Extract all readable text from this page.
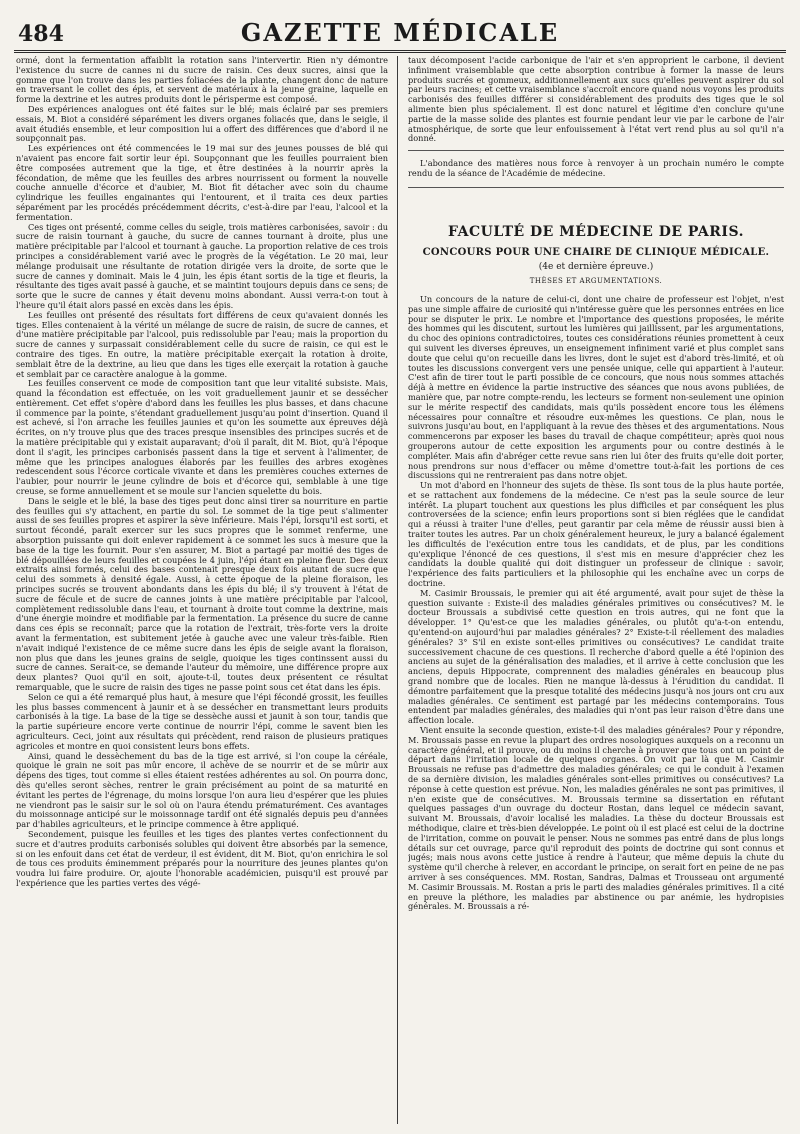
484	GAZETTE MÉDICALE

ormé, dont la fermentation affaiblit la rotation sans l'intervertir. Rien n'y démontre l'existence du sucre de cannes ni du sucre de raisin. Ces deux sucres, ainsi que la gomme que l'on trouve dans les parties foliacées de la plante, changent donc de nature en traversant le collet des épis, et servent de matériaux à la jeune graine, laquelle en forme la dextrine et les autres produits dont le périsperme est composé.

Des expériences analogues ont été faites sur le blé; mais éclairé par ses premiers essais, M. Biot a considéré séparément les divers organes foliacés que, dans le seigle, il avait étudiés ensemble, et leur composition lui a offert des différences que d'abord il ne soupçonnait pas.

Les expériences ont été commencées le 19 mai sur des jeunes pousses de blé qui n'avaient pas encore fait sortir leur épi. Soupçonnant que les feuilles pourraient bien être composées autrement que la tige, et être destinées à la nourrir après la fécondation, de même que les feuilles des arbres nourrissent ou forment la nouvelle couche annuelle d'écorce et d'aubier, M. Biot fit détacher avec soin du chaume cylindrique les feuilles engainantes qui l'entourent, et il traita ces deux parties séparément par les procédés précédemment décrits, c'est-à-dire par l'eau, l'alcool et la fermentation.

Ces tiges ont présenté, comme celles du seigle, trois matières carbonisées, savoir : du sucre de raisin tournant à gauche, du sucre de cannes tournant à droite, plus une matière précipitable par l'alcool et tournant à gauche. La proportion relative de ces trois principes a considérablement varié avec le progrès de la végétation. Le 20 mai, leur mélange produisait une résultante de rotation dirigée vers la droite, de sorte que le sucre de cannes y dominait. Mais le 4 juin, les épis étant sortis de la tige et fleuris, la résultante des tiges avait passé à gauche, et se maintint toujours depuis dans ce sens; de sorte que le sucre de cannes y était devenu moins abondant. Aussi verra-t-on tout à l'heure qu'il était alors passé en excès dans les épis.

Les feuilles ont présenté des résultats fort différens de ceux qu'avaient donnés les tiges. Elles contenaient à la vérité un mélange de sucre de raisin, de sucre de cannes, et d'une matière précipitable par l'alcool, puis redissoluble par l'eau; mais la proportion du sucre de cannes y surpassait considérablement celle du sucre de raisin, ce qui est le contraire des tiges. En outre, la matière précipitable exerçait la rotation à droite, semblait être de la dextrine, au lieu que dans les tiges elle exerçait la rotation à gauche et semblait par ce caractère analogue à la gomme.

Les feuilles conservent ce mode de composition tant que leur vitalité subsiste. Mais, quand la fécondation est effectuée, on les voit graduellement jaunir et se dessécher entièrement. Cet effet s'opère d'abord dans les feuilles les plus basses, et dans chacune il commence par la pointe, s'étendant graduellement jusqu'au point d'insertion. Quand il est achevé, si l'on arrache les feuilles jaunies et qu'on les soumette aux épreuves déjà écrites, on n'y trouve plus que des traces presque insensibles des principes sucrés et de la matière précipitable qui y existait auparavant; d'où il paraît, dit M. Biot, qu'à l'époque dont il s'agit, les principes carbonisés passent dans la tige et servent à l'alimenter, de même que les principes analogues élaborés par les feuilles des arbres exogènes redescendent sous l'écorce corticale vivante et dans les premières couches externes de l'aubier, pour nourrir le jeune cylindre de bois et d'écorce qui, semblable à une tige creuse, se forme annuellement et se moule sur l'ancien squelette du bois.

Dans le seigle et le blé, la base des tiges peut donc ainsi tirer sa nourriture en partie des feuilles qui s'y attachent, en partie du sol. Le sommet de la tige peut s'alimenter aussi de ses feuilles propres et aspirer la sève inférieure. Mais l'épi, lorsqu'il est sorti, et surtout fécondé, paraît exercer sur les sucs propres que le sommet renferme, une absorption puissante qui doit enlever rapidement à ce sommet les sucs à mesure que la base de la tige les fournit. Pour s'en assurer, M. Biot a partagé par moitié des tiges de blé dépouillées de leurs feuilles et coupées le 4 juin, l'épi étant en pleine fleur. Des deux extraits ainsi formés, celui des bases contenait presque deux fois autant de sucre que celui des sommets à densité égale. Aussi, à cette époque de la pleine floraison, les principes sucrés se trouvent abondants dans les épis du blé; il s'y trouvent à l'état de sucre de fécule et de sucre de cannes joints à une matière précipitable par l'alcool, complètement redissoluble dans l'eau, et tournant à droite tout comme la dextrine, mais d'une énergie moindre et modifiable par la fermentation. La présence du sucre de canne dans ces épis se reconnaît; parce que la rotation de l'extrait, très-forte vers la droite avant la fermentation, est subitement jetée à gauche avec une valeur très-faible. Rien n'avait indiqué l'existence de ce même sucre dans les épis de seigle avant la floraison, non plus que dans les jeunes grains de seigle, quoique les tiges continssent aussi du sucre de cannes. Serait-ce, se demande l'auteur du mémoire, une différence propre aux deux plantes? Quoi qu'il en soit, ajoute-t-il, toutes deux présentent ce résultat remarquable, que le sucre de raisin des tiges ne passe point sous cet état dans les épis.

Selon ce qui a été remarqué plus haut, à mesure que l'épi fécondé grossit, les feuilles les plus basses commencent à jaunir et à se dessécher en transmettant leurs produits carbonisés à la tige. La base de la tige se dessèche aussi et jaunit à son tour, tandis que la partie supérieure encore verte continue de nourrir l'épi, comme le savent bien les agriculteurs. Ceci, joint aux résultats qui précèdent, rend raison de plusieurs pratiques agricoles et montre en quoi consistent leurs bons effets.

Ainsi, quand le dessèchement du bas de la tige est arrivé, si l'on coupe la céréale, quoique le grain ne soit pas mûr encore, il achève de se nourrir et de se mûrir aux dépens des tiges, tout comme si elles étaient restées adhérentes au sol. On pourra donc, dès qu'elles seront sèches, rentrer le grain précisément au point de sa maturité en évitant les pertes de l'égrenage, du moins lorsque l'on aura lieu d'espérer que les pluies ne viendront pas le saisir sur le sol où on l'aura étendu prématurément. Ces avantages du moissonnage anticipé sur le moissonnage tardif ont été signalés depuis peu d'années par d'habiles agriculteurs, et le principe commence à être appliqué.

Secondement, puisque les feuilles et les tiges des plantes vertes confectionnent du sucre et d'autres produits carbonisés solubles qui doivent être absorbés par la semence, si on les enfouit dans cet état de verdeur, il est évident, dit M. Biot, qu'on enrichira le sol de tous ces produits éminemment préparés pour la nourriture des jeunes plantes qu'on voudra lui faire produire. Or, ajoute l'honorable académicien, puisqu'il est prouvé par l'expérience que les parties vertes des végé-

taux décomposent l'acide carbonique de l'air et s'en approprient le carbone, il devient infiniment vraisemblable que cette absorption contribue à former la masse de leurs produits sucrés et gommeux, additionnellement aux sucs qu'elles peuvent aspirer du sol par leurs racines; et cette vraisemblance s'accroît encore quand nous voyons les produits carbonisés des feuilles différer si considérablement des produits des tiges que le sol alimente bien plus spécialement. Il est donc naturel et légitime d'en conclure qu'une partie de la masse solide des plantes est fournie pendant leur vie par le carbone de l'air atmosphérique, de sorte que leur enfouissement à l'état vert rend plus au sol qu'il n'a donné.

L'abondance des matières nous force à renvoyer à un prochain numéro le compte rendu de la séance de l'Académie de médecine.

FACULTÉ DE MÉDECINE DE PARIS.
CONCOURS POUR UNE CHAIRE DE CLINIQUE MÉDICALE.
(4e et dernière épreuve.)
THÈSES ET ARGUMENTATIONS.

Un concours de la nature de celui-ci, dont une chaire de professeur est l'objet, n'est pas une simple affaire de curiosité qui n'intéresse guère que les personnes entrées en lice pour se disputer le prix. Le nombre et l'importance des questions proposées, le mérite des hommes qui les discutent, surtout les lumières qui jaillissent, par les argumentations, du choc des opinions contradictoires, toutes ces considérations réunies promettent à ceux qui suivent les diverses épreuves, un enseignement infiniment varié et plus complet sans doute que celui qu'on recueille dans les livres, dont le sujet est d'abord très-limité, et où toutes les discussions convergent vers une pensée unique, celle qui appartient à l'auteur. C'est afin de tirer tout le parti possible de ce concours, que nous nous sommes attachés déjà à mettre en évidence la partie instructive des séances que nous avons publiées, de manière que, par notre compte-rendu, les lecteurs se forment non-seulement une opinion sur le mérite respectif des candidats, mais qu'ils possèdent encore tous les élémens nécessaires pour connaître et résoudre eux-mêmes les questions. Ce plan, nous le suivrons jusqu'au bout, en l'appliquant à la revue des thèses et des argumentations. Nous commencerons par exposer les bases du travail de chaque compétiteur; après quoi nous grouperons autour de cette exposition les arguments pour ou contre destinés à le compléter. Mais afin d'abréger cette revue sans rien lui ôter des fruits qu'elle doit porter, nous prendrons sur nous d'effacer ou même d'omettre tout-à-fait les portions de ces discussions qui ne rentreraient pas dans notre objet.

Un mot d'abord en l'honneur des sujets de thèse. Ils sont tous de la plus haute portée, et se rattachent aux fondemens de la médecine. Ce n'est pas la seule source de leur intérêt. La plupart touchent aux questions les plus difficiles et par conséquent les plus controversées de la science; enfin leurs proportions sont si bien réglées que le candidat qui a réussi à traiter l'une d'elles, peut garantir par cela même de réussir aussi bien à traiter toutes les autres. Par un choix généralement heureux, le jury a balancé également les difficultés de l'exécution entre tous les candidats, et de plus, par les conditions qu'explique l'énoncé de ces questions, il s'est mis en mesure d'apprécier chez les candidats la double qualité qui doit distinguer un professeur de clinique : savoir, l'expérience des faits particuliers et la philosophie qui les enchaîne avec un corps de doctrine.

M. Casimir Broussais, le premier qui ait été argumenté, avait pour sujet de thèse la question suivante : Existe-il des maladies générales primitives ou consécutives? M. le docteur Broussais a subdivisé cette question en trois autres, qui ne font que la développer. 1° Qu'est-ce que les maladies générales, ou plutôt qu'a-t-on entendu, qu'entend-on aujourd'hui par maladies générales? 2° Existe-t-il réellement des maladies générales? 3° S'il en existe sont-elles primitives ou consécutives? Le candidat traite successivement chacune de ces questions. Il recherche d'abord quelle a été l'opinion des anciens au sujet de la généralisation des maladies, et il arrive à cette conclusion que les anciens, depuis Hippocrate, comprennent des maladies générales en beaucoup plus grand nombre que de locales. Rien ne manque là-dessus à l'érudition du candidat. Il démontre parfaitement que la presque totalité des médecins jusqu'à nos jours ont cru aux maladies générales. Ce sentiment est partagé par les médecins contemporains. Tous entendent par maladies générales, des maladies qui n'ont pas leur raison d'être dans une affection locale.

Vient ensuite la seconde question, existe-t-il des maladies générales? Pour y répondre, M. Broussais passe en revue la plupart des ordres nosologiques auxquels on a reconnu un caractère général, et il prouve, ou du moins il cherche à prouver que tous ont un point de départ dans l'irritation locale de quelques organes. On voit par là que M. Casimir Broussais ne refuse pas d'admettre des maladies générales; ce qui le conduit à l'examen de sa dernière division, les maladies générales sont-elles primitives ou consécutives? La réponse à cette question est prévue. Non, les maladies générales ne sont pas primitives, il n'en existe que de consécutives. M. Broussais termine sa dissertation en réfutant quelques passages d'un ouvrage du docteur Rostan, dans lequel ce médecin savant, suivant M. Broussais, d'avoir localisé les maladies. La thèse du docteur Broussais est méthodique, claire et très-bien développée. Le point où il est placé est celui de la doctrine de l'irritation, comme on pouvait le penser. Nous ne sommes pas entré dans de plus longs détails sur cet ouvrage, parce qu'il reproduit des points de doctrine qui sont connus et jugés; mais nous avons cette justice à rendre à l'auteur, que même depuis la chute du système qu'il cherche à relever, en accordant le principe, on serait fort en peine de ne pas arriver à ses conséquences. MM. Rostan, Sandras, Dalmas et Trousseau ont argumenté M. Casimir Broussais. M. Rostan a pris le parti des maladies générales primitives. Il a cité en preuve la pléthore, les maladies par abstinence ou par anémie, les hydropisies générales. M. Broussais a ré-
